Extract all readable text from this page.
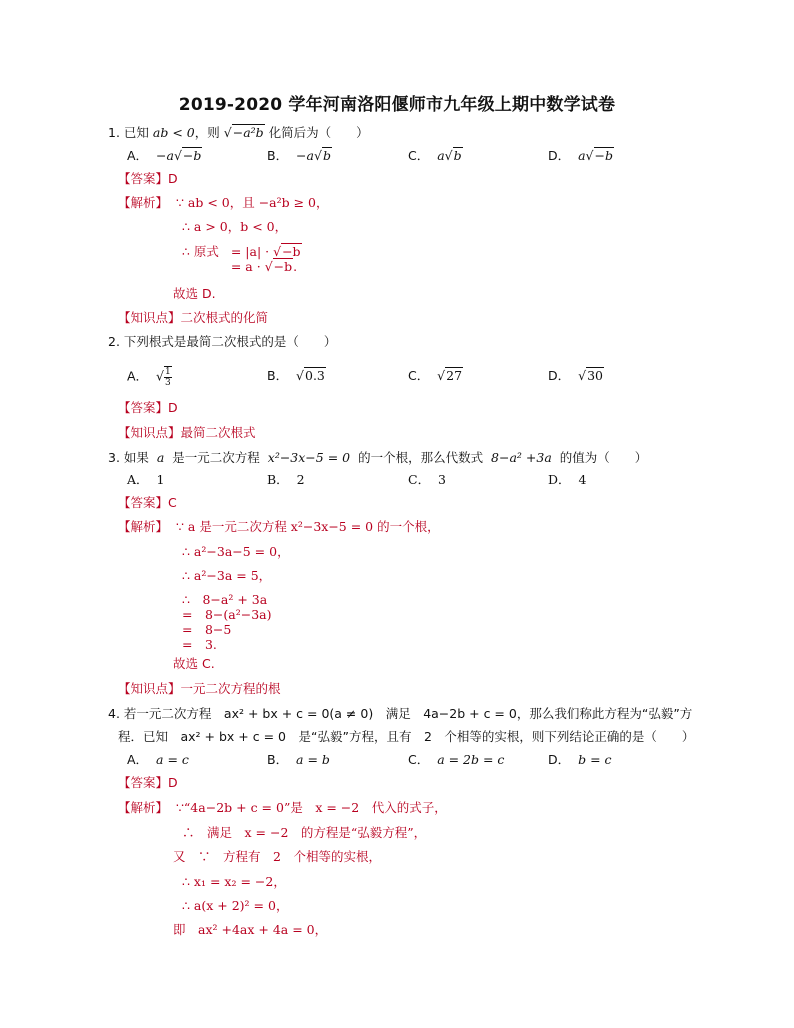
2019-2020 学年河南洛阳偃师市九年级上期中数学试卷
1. 已知 ab < 0，则 √−a²b 化简后为（　　）
A． −a√−b	B． −a√b	C． a√b	D． a√−b
【答案】D
【解析】 ∵ ab < 0，且 −a²b ≥ 0，
∴ a > 0，b < 0，
∴ 原式 = |a| · √−b
= a · √−b.
故选 D.
【知识点】二次根式的化简
2. 下列根式是最简二次根式的是（　　）
A．  √ $\frac{1}{3}$	B．  √0.3	C．  √27	D．  √30
【答案】D
【知识点】最简二次根式
3. 如果 a 是一元二次方程 x²−3x−5 = 0 的一个根，那么代数式 8−a² +3a 的值为（　　）
A． 1	B． 2	C． 3	D． 4
【答案】C
【解析】 ∵ a 是一元二次方程 x²−3x−5 = 0 的一个根，
∴ a²−3a−5 = 0，
∴ a²−3a = 5，
∴　8−a² + 3a
=　8−(a²−3a)
=　8−5
=　3.
故选 C.
【知识点】一元二次方程的根
4. 若一元二次方程　ax² + bx + c = 0(a ≠ 0)　满足　4a−2b + c = 0，那么我们称此方程为“弘毅”方
程．已知　ax² + bx + c = 0　是“弘毅”方程，且有　2　个相等的实根，则下列结论正确的是（　　）
A． a = c	B． a = b	C． a = 2b = c	D． b = c
【答案】D
【解析】 ∵“4a−2b + c = 0”是　x = −2　代入的式子，
∴　满足　x = −2　的方程是“弘毅方程”，
又　∵　方程有　2　个相等的实根，
∴ x₁ = x₂ = −2，
∴ a(x + 2)² = 0，
即　ax² +4ax + 4a = 0，
